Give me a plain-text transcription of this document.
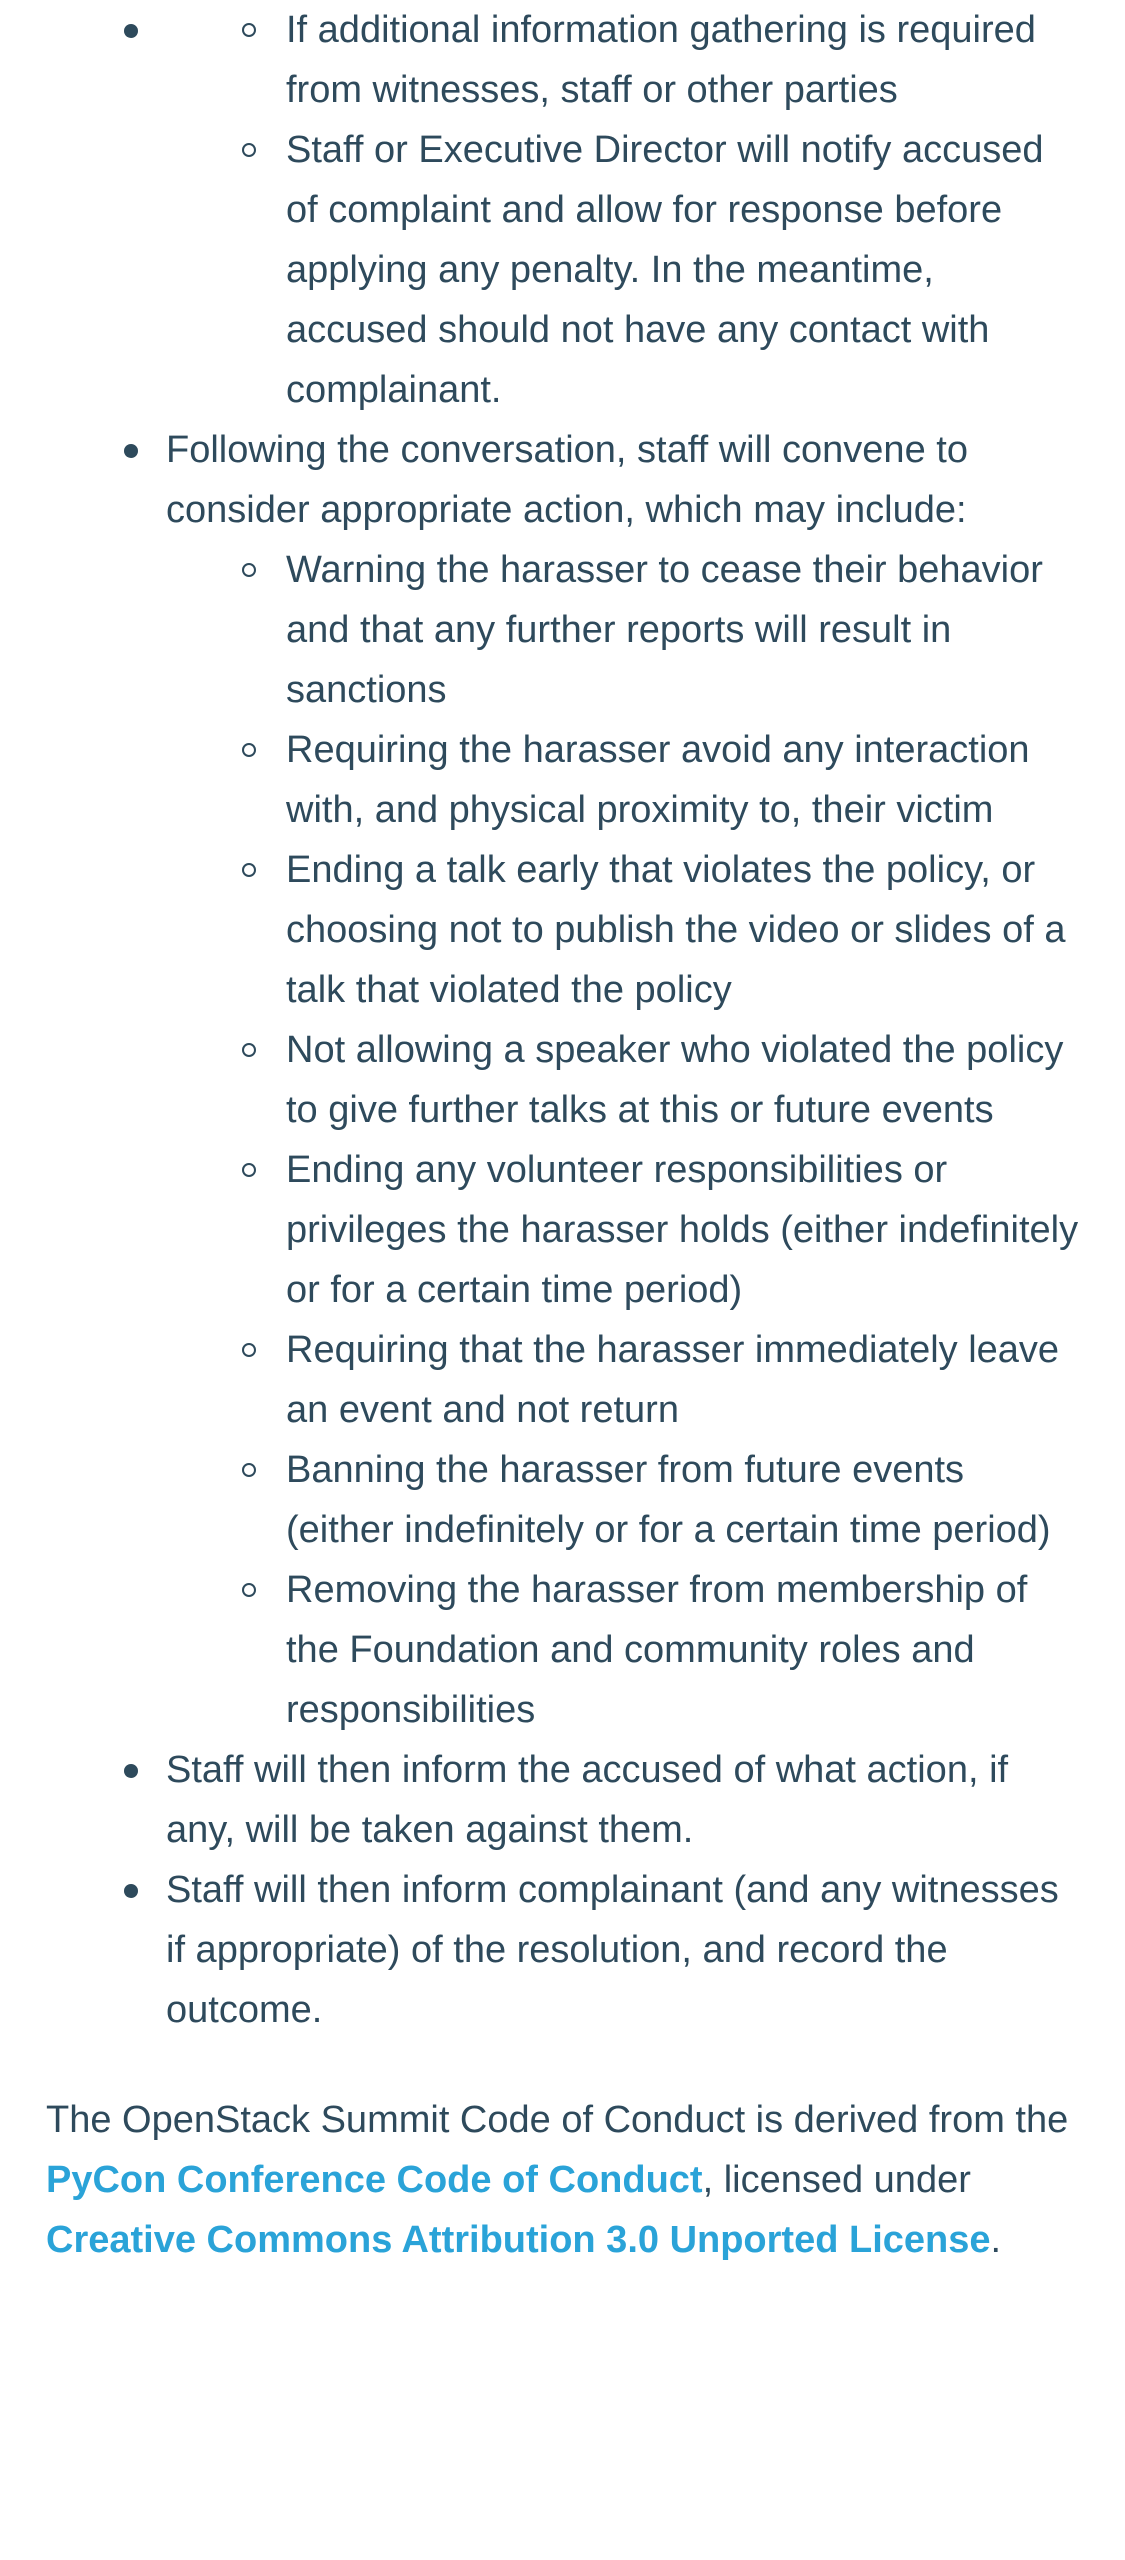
If additional information gathering is required from witnesses, staff or other parties
Staff or Executive Director will notify accused of complaint and allow for response before applying any penalty. In the meantime, accused should not have any contact with complainant.
Following the conversation, staff will convene to consider appropriate action, which may include:
Warning the harasser to cease their behavior and that any further reports will result in sanctions
Requiring the harasser avoid any interaction with, and physical proximity to, their victim
Ending a talk early that violates the policy, or choosing not to publish the video or slides of a talk that violated the policy
Not allowing a speaker who violated the policy to give further talks at this or future events
Ending any volunteer responsibilities or privileges the harasser holds (either indefinitely or for a certain time period)
Requiring that the harasser immediately leave an event and not return
Banning the harasser from future events (either indefinitely or for a certain time period)
Removing the harasser from membership of the Foundation and community roles and responsibilities
Staff will then inform the accused of what action, if any, will be taken against them.
Staff will then inform complainant (and any witnesses if appropriate) of the resolution, and record the outcome.

The OpenStack Summit Code of Conduct is derived from the PyCon Conference Code of Conduct, licensed under Creative Commons Attribution 3.0 Unported License.
